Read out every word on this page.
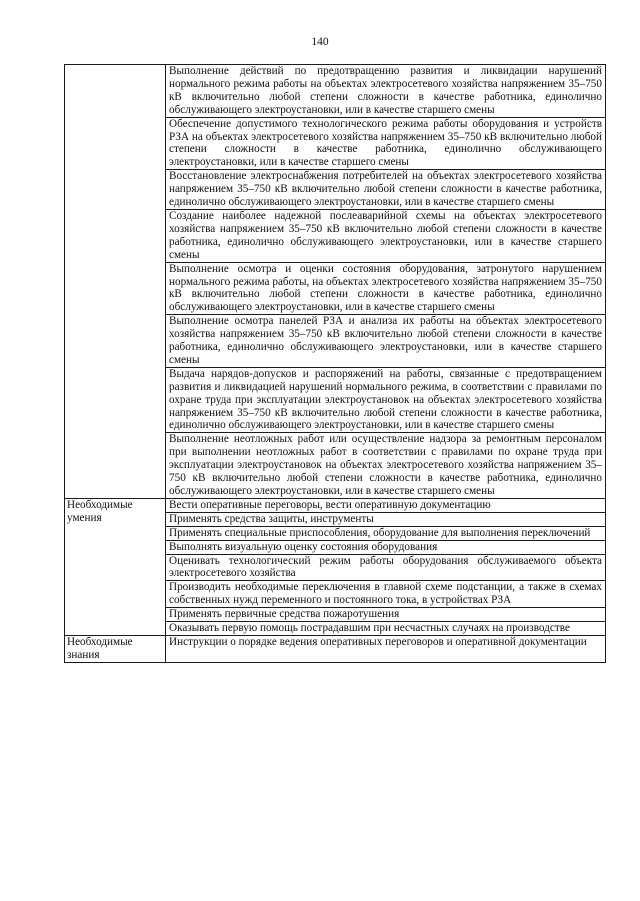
140
	Выполнение действий по предотвращению развития и ликвидации нарушений нормального режима работы на объектах электросетевого хозяйства напряжением 35–750 кВ включительно любой степени сложности в качестве работника, единолично обслуживающего электроустановки, или в качестве старшего смены
	Обеспечение допустимого технологического режима работы оборудования и устройств РЗА на объектах электросетевого хозяйства напряжением 35–750 кВ включительно любой степени сложности в качестве работника, единолично обслуживающего электроустановки, или в качестве старшего смены
	Восстановление электроснабжения потребителей на объектах электросетевого хозяйства напряжением 35–750 кВ включительно любой степени сложности в качестве работника, единолично обслуживающего электроустановки, или в качестве старшего смены
	Создание наиболее надежной послеаварийной схемы на объектах электросетевого хозяйства напряжением 35–750 кВ включительно любой степени сложности в качестве работника, единолично обслуживающего электроустановки, или в качестве старшего смены
	Выполнение осмотра и оценки состояния оборудования, затронутого нарушением нормального режима работы, на объектах электросетевого хозяйства напряжением 35–750 кВ включительно любой степени сложности в качестве работника, единолично обслуживающего электроустановки, или в качестве старшего смены
	Выполнение осмотра панелей РЗА и анализа их работы на объектах электросетевого хозяйства напряжением 35–750 кВ включительно любой степени сложности в качестве работника, единолично обслуживающего электроустановки, или в качестве старшего смены
	Выдача нарядов-допусков и распоряжений на работы, связанные с предотвращением развития и ликвидацией нарушений нормального режима, в соответствии с правилами по охране труда при эксплуатации электроустановок на объектах электросетевого хозяйства напряжением 35–750 кВ включительно любой степени сложности в качестве работника, единолично обслуживающего электроустановки, или в качестве старшего смены
	Выполнение неотложных работ или осуществление надзора за ремонтным персоналом при выполнении неотложных работ в соответствии с правилами по охране труда при эксплуатации электроустановок на объектах электросетевого хозяйства напряжением 35–750 кВ включительно любой степени сложности в качестве работника, единолично обслуживающего электроустановки, или в качестве старшего смены
Необходимые умения	Вести оперативные переговоры, вести оперативную документацию
	Применять средства защиты, инструменты
	Применять специальные приспособления, оборудование для выполнения переключений
	Выполнять визуальную оценку состояния оборудования
	Оценивать технологический режим работы оборудования обслуживаемого объекта электросетевого хозяйства
	Производить необходимые переключения в главной схеме подстанции, а также в схемах собственных нужд переменного и постоянного тока, в устройствах РЗА
	Применять первичные средства пожаротушения
	Оказывать первую помощь пострадавшим при несчастных случаях на производстве
Необходимые знания	Инструкции о порядке ведения оперативных переговоров и оперативной документации
